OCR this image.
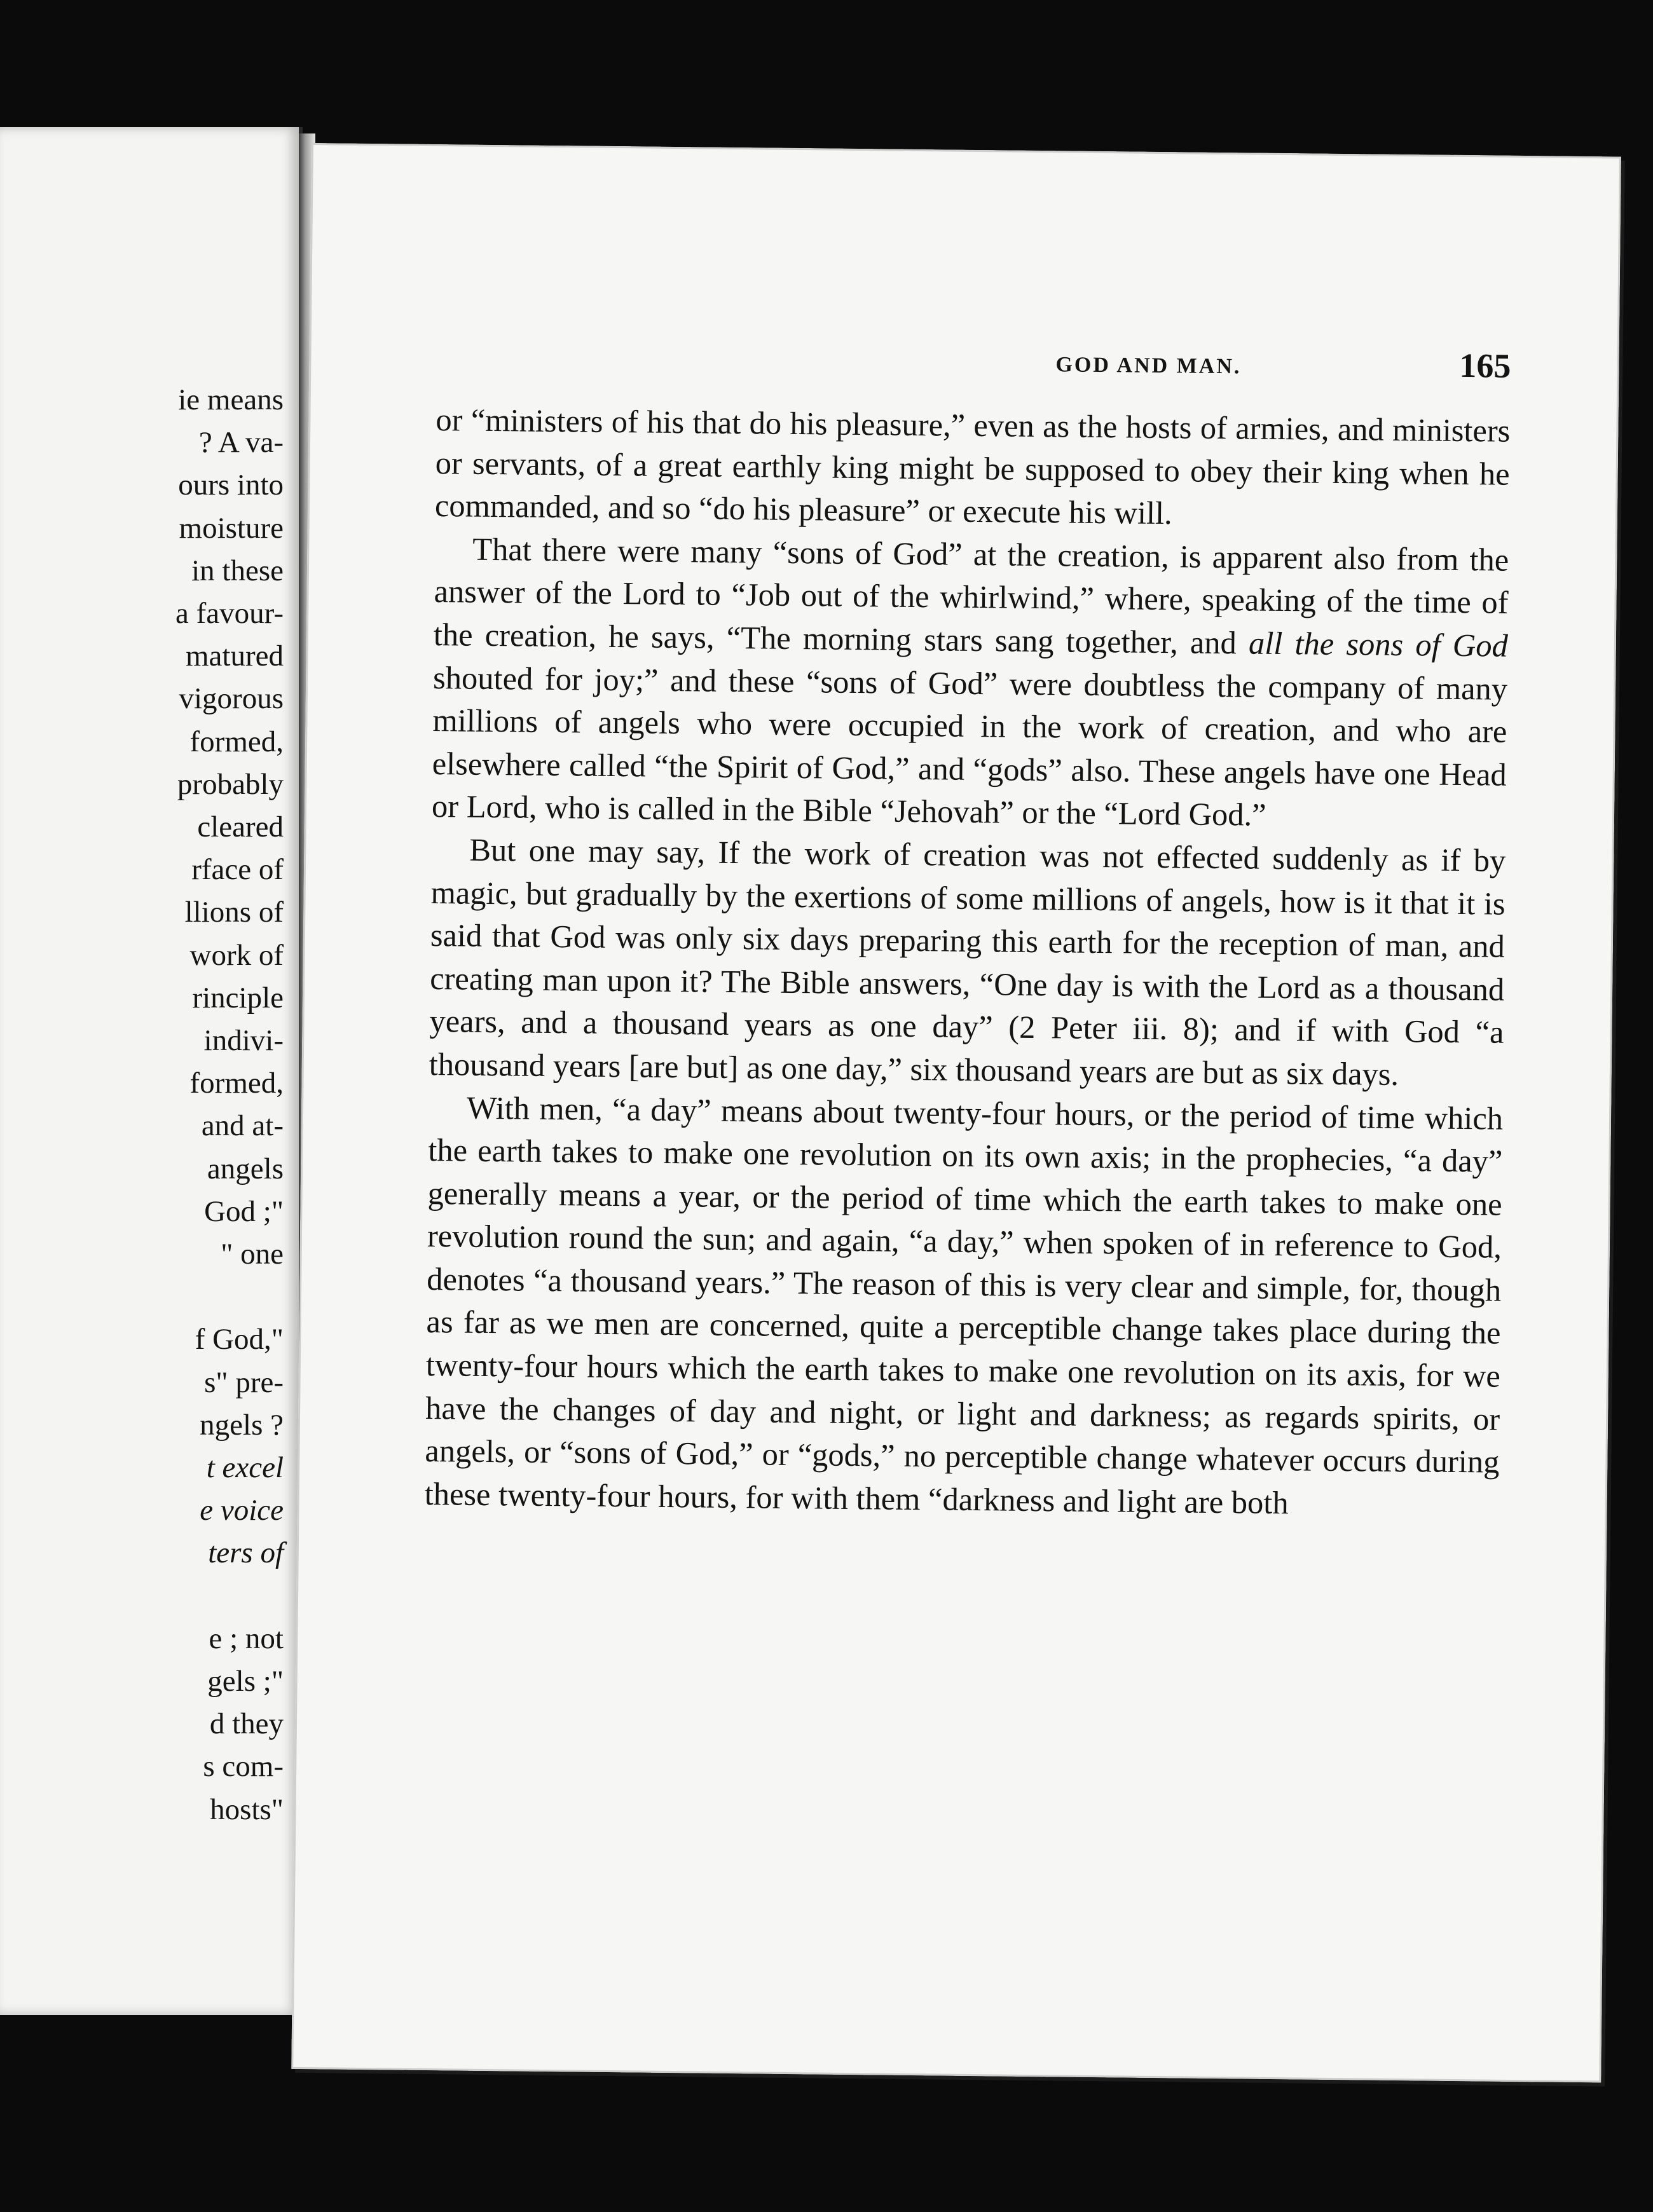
ie means
? A va-
ours into
moisture
in these
a favour-
matured
vigorous
formed,
probably
cleared
rface of
llions of
work of
rinciple
indivi-
formed,
and at-
angels
God ;"
" one
f God,"
s" pre-
ngels ?
t excel
e voice
ters of
e ; not
gels ;"
d they
s com-
hosts"
GOD AND MAN.	165

or “ministers of his that do his pleasure,” even as the hosts of armies, and ministers or servants, of a great earthly king might be supposed to obey their king when he commanded, and so “do his pleasure” or execute his will.

That there were many “sons of God” at the creation, is apparent also from the answer of the Lord to “Job out of the whirlwind,” where, speaking of the time of the creation, he says, “The morning stars sang together, and all the sons of God shouted for joy;” and these “sons of God” were doubtless the company of many millions of angels who were occupied in the work of creation, and who are elsewhere called “the Spirit of God,” and “gods” also. These angels have one Head or Lord, who is called in the Bible “Jehovah” or the “Lord God.”

But one may say, If the work of creation was not effected suddenly as if by magic, but gradually by the exertions of some millions of angels, how is it that it is said that God was only six days preparing this earth for the reception of man, and creating man upon it? The Bible answers, “One day is with the Lord as a thousand years, and a thousand years as one day” (2 Peter iii. 8); and if with God “a thousand years [are but] as one day,” six thousand years are but as six days.

With men, “a day” means about twenty-four hours, or the period of time which the earth takes to make one revolution on its own axis; in the prophecies, “a day” generally means a year, or the period of time which the earth takes to make one revolution round the sun; and again, “a day,” when spoken of in reference to God, denotes “a thousand years.” The reason of this is very clear and simple, for, though as far as we men are concerned, quite a perceptible change takes place during the twenty-four hours which the earth takes to make one revolution on its axis, for we have the changes of day and night, or light and darkness; as regards spirits, or angels, or “sons of God,” or “gods,” no perceptible change whatever occurs during these twenty-four hours, for with them “darkness and light are both
